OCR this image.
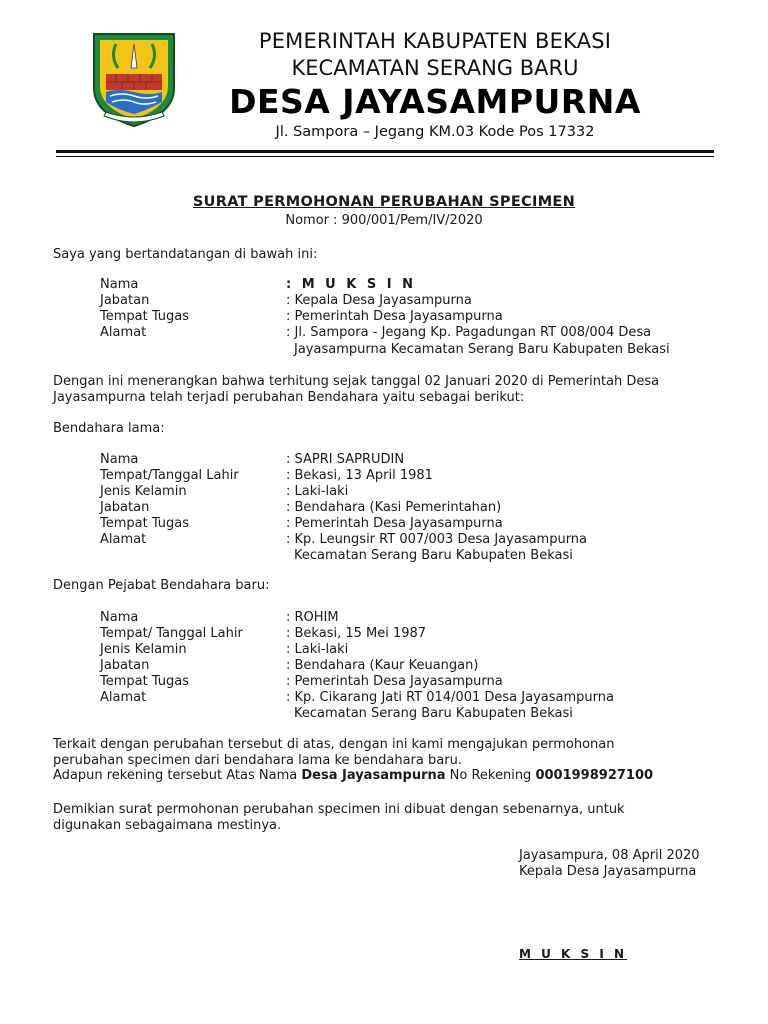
PEMERINTAH KABUPATEN BEKASI
KECAMATAN SERANG BARU
DESA JAYASAMPURNA
Jl. Sampora – Jegang KM.03 Kode Pos 17332
SURAT PERMOHONAN PERUBAHAN SPECIMEN
Nomor : 900/001/Pem/IV/2020
Saya yang bertandatangan di bawah ini:
Nama	: M U K S I N
Jabatan	: Kepala Desa Jayasampurna
Tempat Tugas	: Pemerintah Desa Jayasampurna
Alamat	: Jl. Sampora - Jegang Kp. Pagadungan RT 008/004 Desa
Jayasampurna Kecamatan Serang Baru Kabupaten Bekasi
Dengan ini menerangkan bahwa terhitung sejak tanggal 02 Januari 2020 di Pemerintah Desa
Jayasampurna telah terjadi perubahan Bendahara yaitu sebagai berikut:
Bendahara lama:
Nama	: SAPRI SAPRUDIN
Tempat/Tanggal Lahir	: Bekasi, 13 April 1981
Jenis Kelamin	: Laki-laki
Jabatan	: Bendahara (Kasi Pemerintahan)
Tempat Tugas	: Pemerintah Desa Jayasampurna
Alamat	: Kp. Leungsir RT 007/003 Desa Jayasampurna
Kecamatan Serang Baru Kabupaten Bekasi
Dengan Pejabat Bendahara baru:
Nama	: ROHIM
Tempat/ Tanggal Lahir	: Bekasi, 15 Mei 1987
Jenis Kelamin	: Laki-laki
Jabatan	: Bendahara (Kaur Keuangan)
Tempat Tugas	: Pemerintah Desa Jayasampurna
Alamat	: Kp. Cikarang Jati RT 014/001 Desa Jayasampurna
Kecamatan Serang Baru Kabupaten Bekasi
Terkait dengan perubahan tersebut di atas, dengan ini kami mengajukan permohonan
perubahan specimen dari bendahara lama ke bendahara baru.
Adapun rekening tersebut Atas Nama Desa Jayasampurna No Rekening 0001998927100
Demikian surat permohonan perubahan specimen ini dibuat dengan sebenarnya, untuk
digunakan sebagaimana mestinya.
Jayasampura, 08 April 2020
Kepala Desa Jayasampurna
M U K S I N
